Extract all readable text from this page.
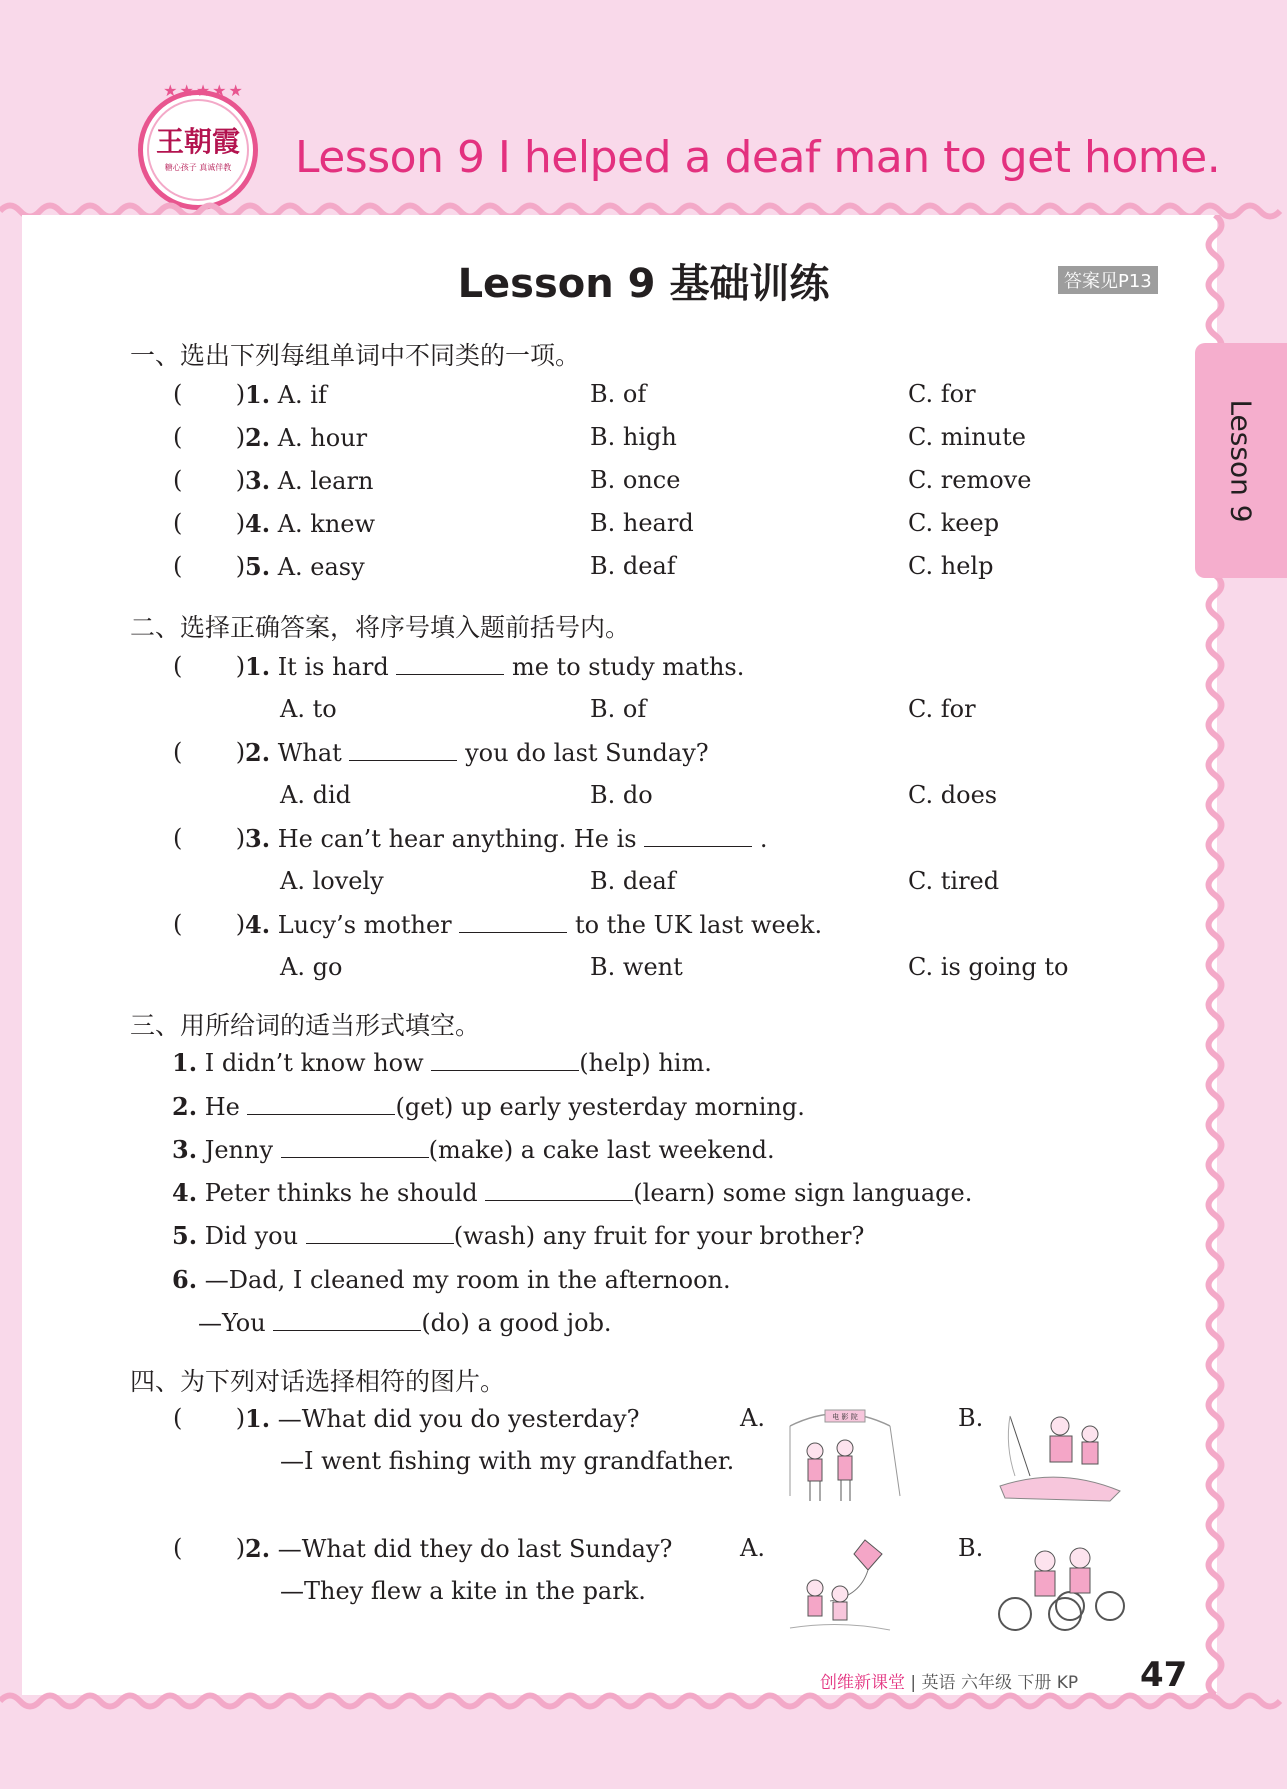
★★★★★
王朝霞
糖心孩子 真诚伴教 Lesson 9 I helped a deaf man to get home.
Lesson 9
Lesson 9 基础训练	答案见P13
一、选出下列每组单词中不同类的一项。
(       ) 1. A. if	B. of	C. for
(       ) 2. A. hour	B. high	C. minute
(       ) 3. A. learn	B. once	C. remove
(       ) 4. A. knew	B. heard	C. keep
(       ) 5. A. easy	B. deaf	C. help
二、选择正确答案，将序号填入题前括号内。
(       ) 1. It is hard	me to study maths.
A. to	B. of	C. for
(       ) 2. What	you do last Sunday?
A. did	B. do	C. does
(       ) 3. He can’t hear anything. He is	.
A. lovely	B. deaf	C. tired
(       ) 4. Lucy’s mother	to the UK last week.
A. go	B. went	C. is going to
三、用所给词的适当形式填空。
1. I didn’t know how	(help) him.
2. He	(get) up early yesterday morning.
3. Jenny	(make) a cake last weekend.
4. Peter thinks he should	(learn) some sign language.
5. Did you	(wash) any fruit for your brother?
6. —Dad, I cleaned my room in the afternoon.
—You	(do) a good job.
四、为下列对话选择相符的图片。
(       ) 1. —What did you do yesterday?	A.	B.
—I went fishing with my grandfather.
电 影 院
(       ) 2. —What did they do last Sunday?	A.	B.
—They flew a kite in the park.
创维新课堂 | 英语 六年级 下册 KP 47
